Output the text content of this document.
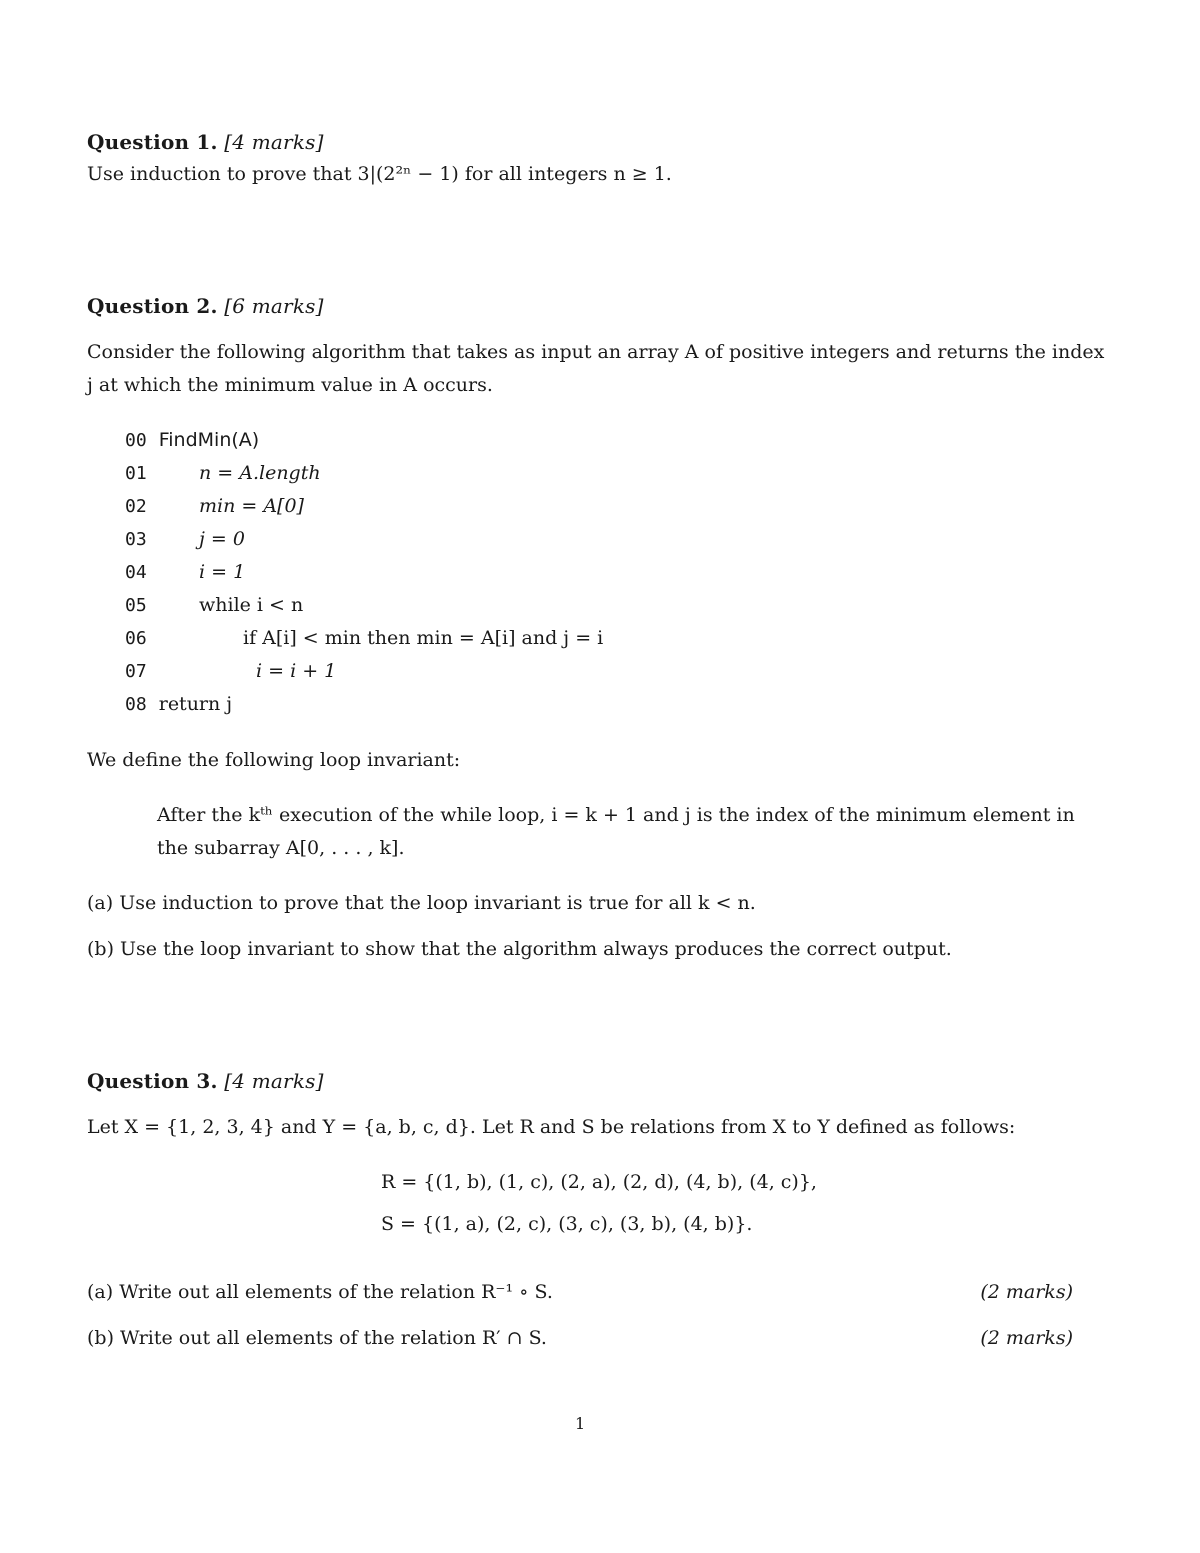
Question 1. [4 marks]
Use induction to prove that 3|(2²ⁿ − 1) for all integers n ≥ 1.
Question 2. [6 marks]
Consider the following algorithm that takes as input an array A of positive integers and returns the index
j at which the minimum value in A occurs.
00 FindMin(A)
01	n = A.length
02	min = A[0]
03	j = 0
04	i = 1
05	while i < n
06	if A[i] < min then min = A[i] and j = i
07	i = i + 1
08 return j
We define the following loop invariant:
After the kᵗʰ execution of the while loop, i = k + 1 and j is the index of the minimum element in
the subarray A[0, . . . , k].
(a) Use induction to prove that the loop invariant is true for all k < n.
(b) Use the loop invariant to show that the algorithm always produces the correct output.
Question 3. [4 marks]
Let X = {1, 2, 3, 4} and Y = {a, b, c, d}. Let R and S be relations from X to Y defined as follows:
R = {(1, b), (1, c), (2, a), (2, d), (4, b), (4, c)},
S = {(1, a), (2, c), (3, c), (3, b), (4, b)}.
(a) Write out all elements of the relation R⁻¹ ∘ S.	(2 marks)
(b) Write out all elements of the relation R′ ∩ S.	(2 marks)
1
